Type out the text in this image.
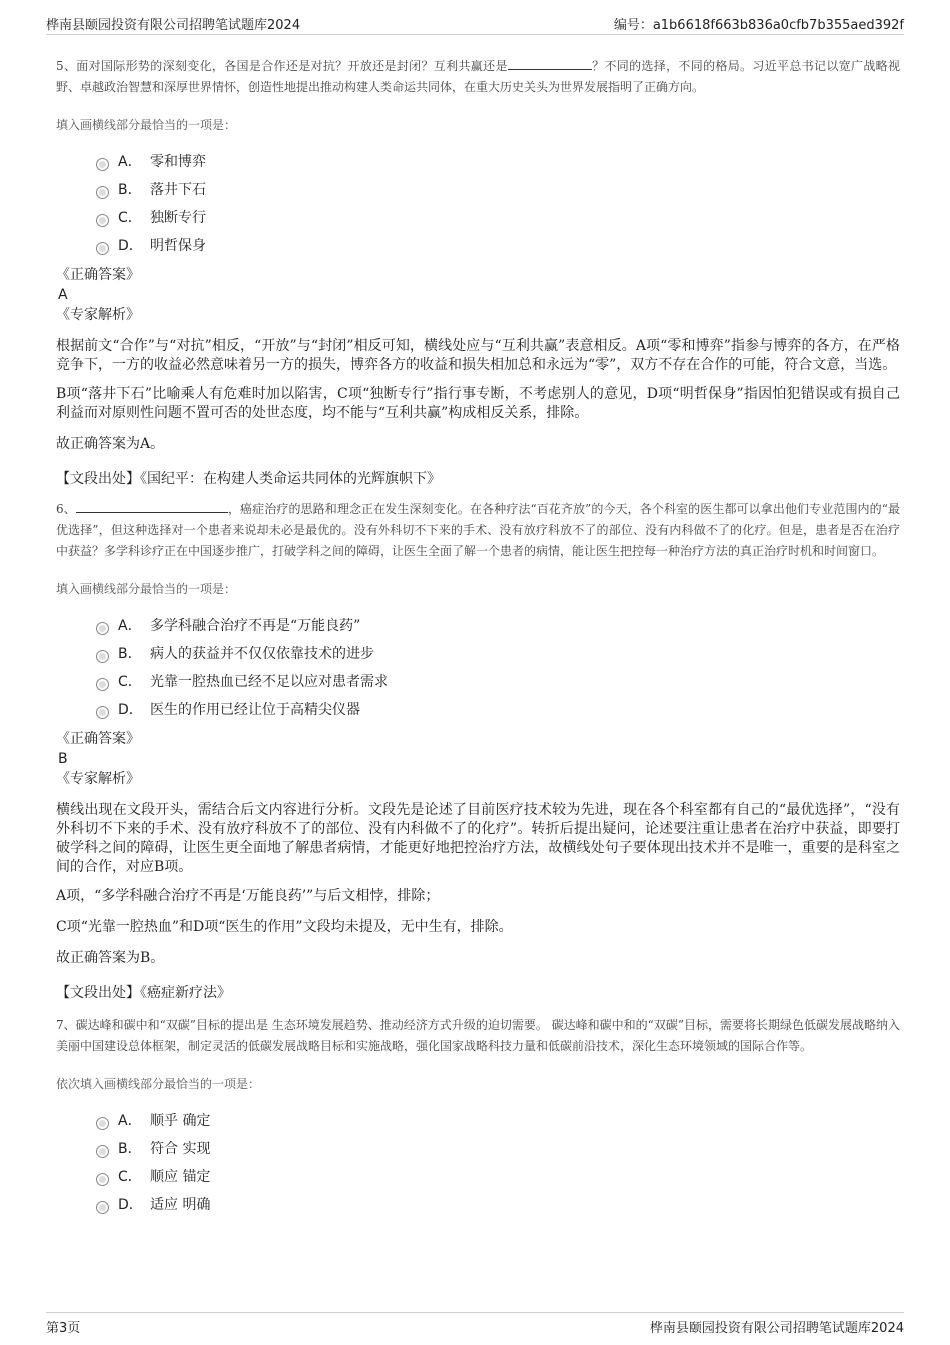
桦南县颐园投资有限公司招聘笔试题库2024	编号：a1b6618f663b836a0cfb7b355aed392f

5、面对国际形势的深刻变化，各国是合作还是对抗？开放还是封闭？互利共赢还是	？不同的选择，不同的格局。习近平总书记以宽广战略视野、卓越政治智慧和深厚世界情怀，创造性地提出推动构建人类命运共同体，在重大历史关头为世界发展指明了正确方向。

填入画横线部分最恰当的一项是：
A． 零和博弈
B． 落井下石
C． 独断专行
D． 明哲保身
《正确答案》
A
《专家解析》

根据前文“合作”与“对抗”相反，“开放”与“封闭”相反可知，横线处应与“互利共赢”表意相反。A项“零和博弈”指参与博弈的各方，在严格竞争下，一方的收益必然意味着另一方的损失，博弈各方的收益和损失相加总和永远为“零”，双方不存在合作的可能，符合文意，当选。

B项“落井下石”比喻乘人有危难时加以陷害，C项“独断专行”指行事专断，不考虑别人的意见，D项“明哲保身”指因怕犯错误或有损自己利益而对原则性问题不置可否的处世态度，均不能与“互利共赢”构成相反关系，排除。

故正确答案为A。

【文段出处】《国纪平：在构建人类命运共同体的光辉旗帜下》

6、	，癌症治疗的思路和理念正在发生深刻变化。在各种疗法“百花齐放”的今天，各个科室的医生都可以拿出他们专业范围内的“最优选择”，但这种选择对一个患者来说却未必是最优的。没有外科切不下来的手术、没有放疗科放不了的部位、没有内科做不了的化疗。但是，患者是否在治疗中获益？多学科诊疗正在中国逐步推广，打破学科之间的障碍，让医生全面了解一个患者的病情，能让医生把控每一种治疗方法的真正治疗时机和时间窗口。

填入画横线部分最恰当的一项是：
A． 多学科融合治疗不再是“万能良药”
B． 病人的获益并不仅仅依靠技术的进步
C． 光靠一腔热血已经不足以应对患者需求
D． 医生的作用已经让位于高精尖仪器
《正确答案》
B
《专家解析》

横线出现在文段开头，需结合后文内容进行分析。文段先是论述了目前医疗技术较为先进，现在各个科室都有自己的“最优选择”，“没有外科切不下来的手术、没有放疗科放不了的部位、没有内科做不了的化疗”。转折后提出疑问，论述要注重让患者在治疗中获益，即要打破学科之间的障碍，让医生更全面地了解患者病情，才能更好地把控治疗方法，故横线处句子要体现出技术并不是唯一，重要的是科室之间的合作，对应B项。

A项，“多学科融合治疗不再是‘万能良药’”与后文相悖，排除；

C项“光靠一腔热血”和D项“医生的作用”文段均未提及，无中生有，排除。

故正确答案为B。

【文段出处】《癌症新疗法》

7、碳达峰和碳中和“双碳”目标的提出是 生态环境发展趋势、推动经济方式升级的迫切需要。 碳达峰和碳中和的“双碳”目标，需要将长期绿色低碳发展战略纳入美丽中国建设总体框架，制定灵活的低碳发展战略目标和实施战略，强化国家战略科技力量和低碳前沿技术，深化生态环境领域的国际合作等。

依次填入画横线部分最恰当的一项是：
A． 顺乎 确定
B． 符合 实现
C． 顺应 锚定
D． 适应 明确
第3页	桦南县颐园投资有限公司招聘笔试题库2024
